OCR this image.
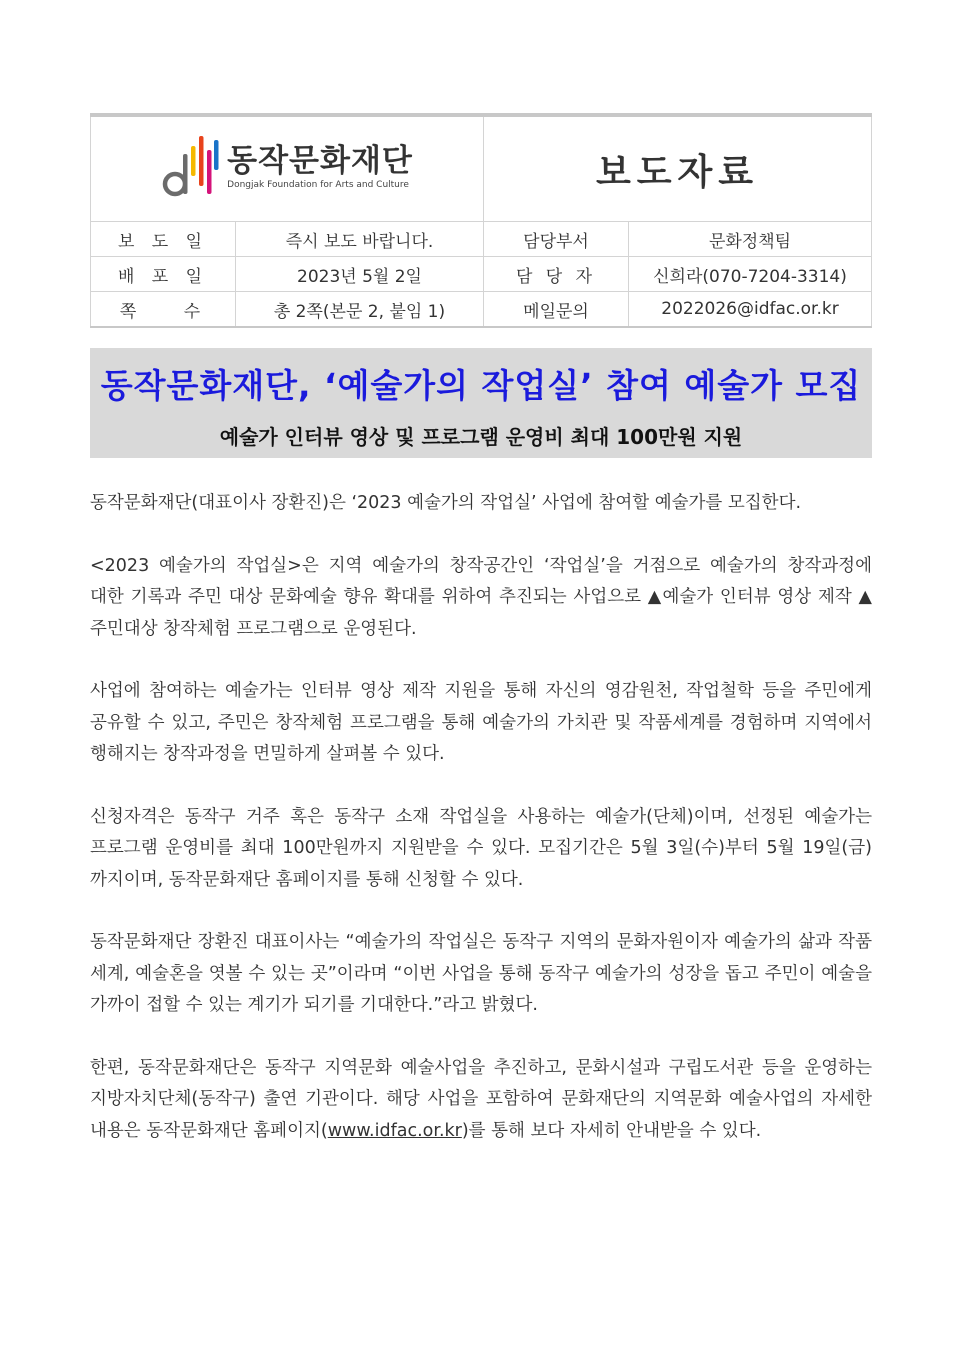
동작문화재단
Dongjak Foundation for Arts and Culture		보도자료	
보 도 일	즉시 보도 바랍니다.	담당부서	문화정책팀
배 포 일	2023년 5월 2일	담 당 자	신희라(070-7204-3314)
쪽 수	총 2쪽(본문 2, 붙임 1)	메일문의	2022026@idfac.or.kr
동작문화재단, ‘예술가의 작업실’ 참여 예술가 모집
예술가 인터뷰 영상 및 프로그램 운영비 최대 100만원 지원

동작문화재단(대표이사 장환진)은 ‘2023 예술가의 작업실’ 사업에 참여할 예술가를 모집한다.

<2023 예술가의 작업실>은 지역 예술가의 창작공간인 ‘작업실’을 거점으로 예술가의 창작과정에 대한 기록과 주민 대상 문화예술 향유 확대를 위하여 추진되는 사업으로 ▲예술가 인터뷰 영상 제작 ▲주민대상 창작체험 프로그램으로 운영된다.

사업에 참여하는 예술가는 인터뷰 영상 제작 지원을 통해 자신의 영감원천, 작업철학 등을 주민에게 공유할 수 있고, 주민은 창작체험 프로그램을 통해 예술가의 가치관 및 작품세계를 경험하며 지역에서 행해지는 창작과정을 면밀하게 살펴볼 수 있다.

신청자격은 동작구 거주 혹은 동작구 소재 작업실을 사용하는 예술가(단체)이며, 선정된 예술가는 프로그램 운영비를 최대 100만원까지 지원받을 수 있다. 모집기간은 5월 3일(수)부터 5월 19일(금)까지이며, 동작문화재단 홈페이지를 통해 신청할 수 있다.

동작문화재단 장환진 대표이사는 “예술가의 작업실은 동작구 지역의 문화자원이자 예술가의 삶과 작품 세계, 예술혼을 엿볼 수 있는 곳”이라며 “이번 사업을 통해 동작구 예술가의 성장을 돕고 주민이 예술을 가까이 접할 수 있는 계기가 되기를 기대한다.”라고 밝혔다.

한편, 동작문화재단은 동작구 지역문화 예술사업을 추진하고, 문화시설과 구립도서관 등을 운영하는 지방자치단체(동작구) 출연 기관이다. 해당 사업을 포함하여 문화재단의 지역문화 예술사업의 자세한 내용은 동작문화재단 홈페이지(www.idfac.or.kr)를 통해 보다 자세히 안내받을 수 있다.
